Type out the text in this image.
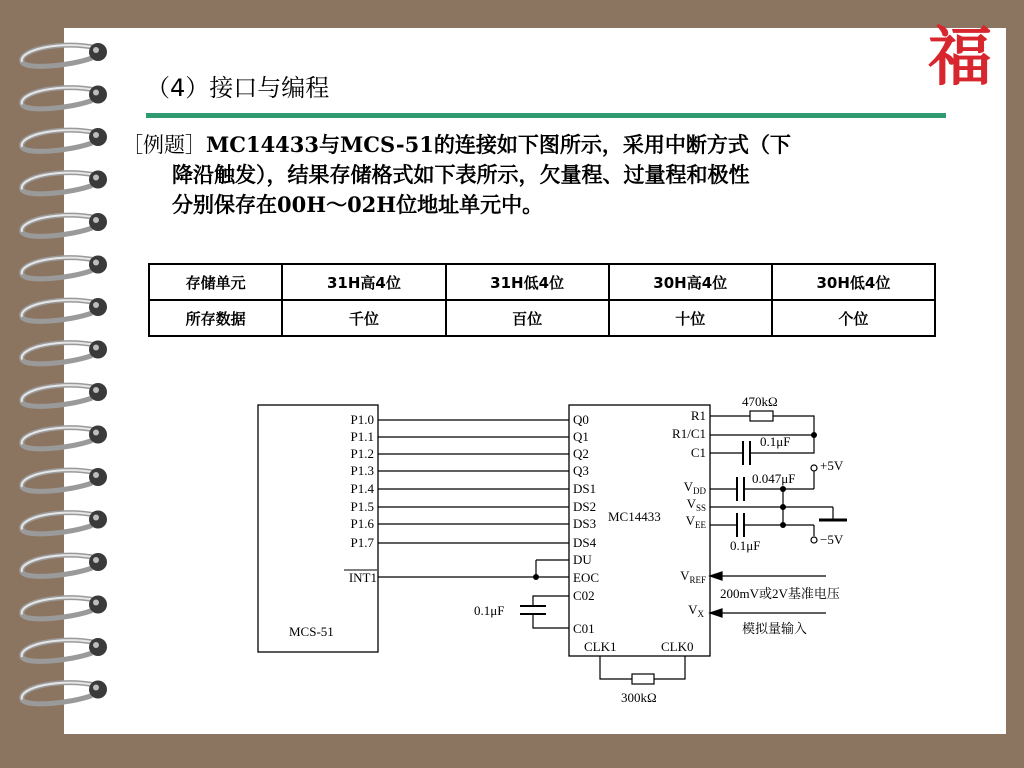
（4）接口与编程	福
［例题］MC14433与MCS-51的连接如下图所示，采用中断方式（下
降沿触发），结果存储格式如下表所示，欠量程、过量程和极性
分别保存在00H～02H位地址单元中。
存储单元	31H高4位	31H低4位	30H高4位	30H低4位
所存数据	千位	百位	十位	个位
MCS-51
P1.0
P1.1
P1.2
P1.3
P1.4
P1.5
P1.6
P1.7
INT1
MC14433
Q0
Q1
Q2
Q3
DS1
DS2
DS3
DS4
DU
EOC
C02
C01
R1
R1/C1
C1
$V_{DD}$
$V_{SS}$
$V_{EE}$
$V_{REF}$
$V_X$
CLK1	CLK0
0.1μF
300kΩ
470kΩ
0.1μF
+5V
0.047μF
−5V
0.1μF
200mV或2V基准电压
模拟量输入
